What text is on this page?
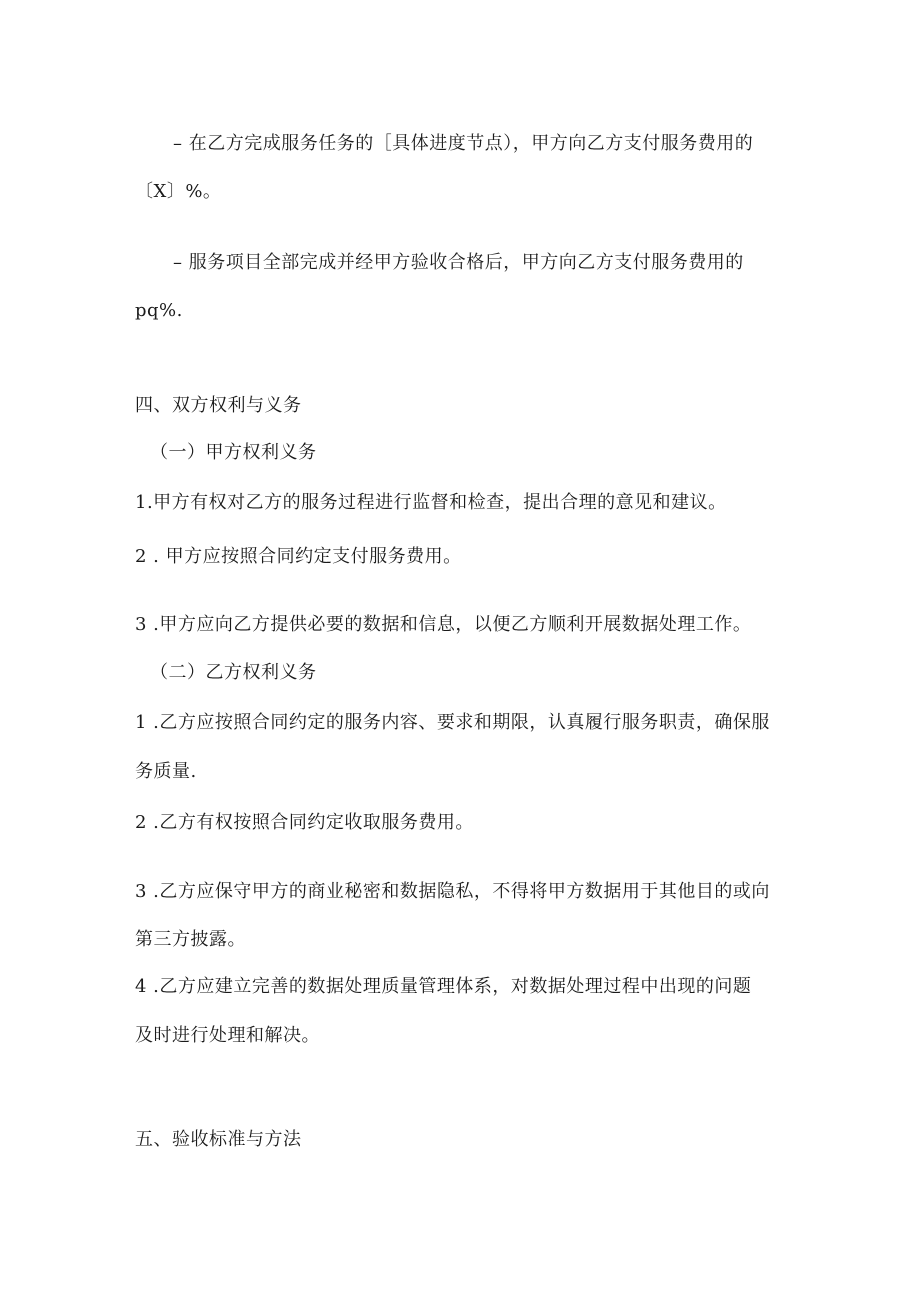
– 在乙方完成服务任务的［具体进度节点），甲方向乙方支付服务费用的
〔X〕%。
– 服务项目全部完成并经甲方验收合格后，甲方向乙方支付服务费用的
pq%.
四、双方权利与义务
（一）甲方权利义务
1.甲方有权对乙方的服务过程进行监督和检查，提出合理的意见和建议。
2 . 甲方应按照合同约定支付服务费用。
3 .甲方应向乙方提供必要的数据和信息，以便乙方顺利开展数据处理工作。
（二）乙方权利义务
1 .乙方应按照合同约定的服务内容、要求和期限，认真履行服务职责，确保服
务质量.
2 .乙方有权按照合同约定收取服务费用。
3 .乙方应保守甲方的商业秘密和数据隐私，不得将甲方数据用于其他目的或向
第三方披露。
4 .乙方应建立完善的数据处理质量管理体系，对数据处理过程中出现的问题
及时进行处理和解决。
五、验收标准与方法
